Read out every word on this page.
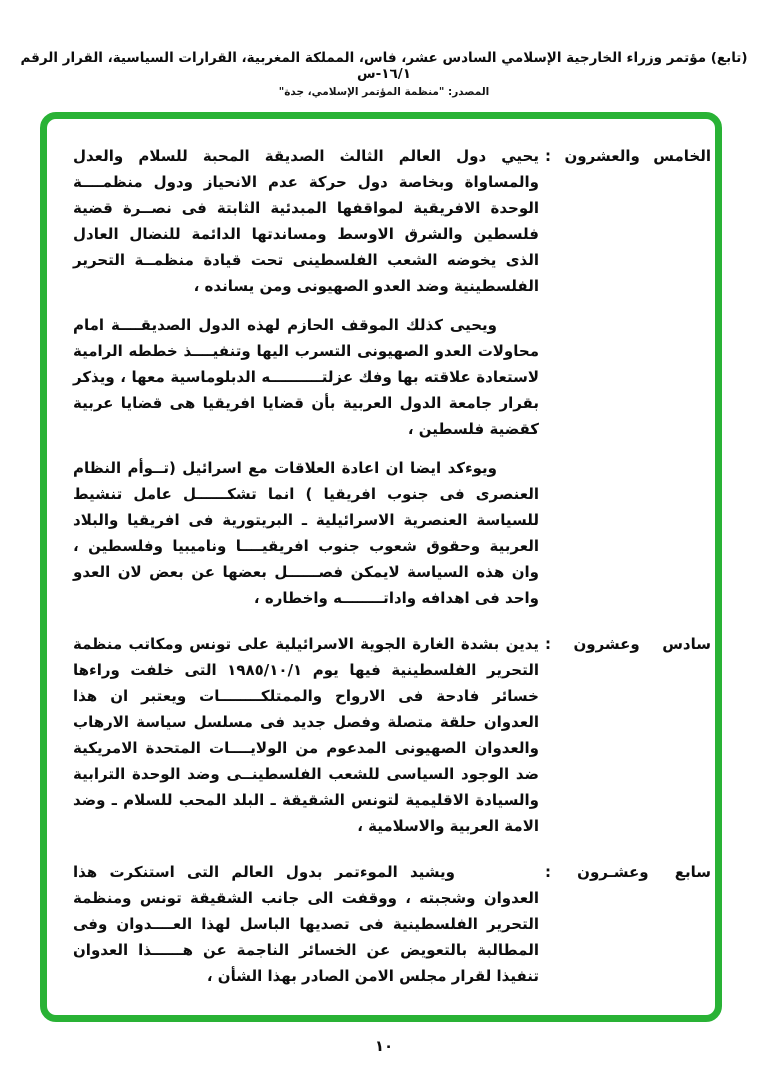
(تابع) مؤتمر وزراء الخارجية الإسلامي السادس عشر، فاس، المملكة المغربية، القرارات السياسية، القرار الرقم ١٦/١-س
المصدر: "منظمة المؤتمر الإسلامي، جدة"
الخامس والعشرون :

يحيي دول العالم الثالث الصديقة المحبة للسلام والعدل والمساواة وبخاصة دول حركة عدم الانحياز ودول منظمــــة الوحدة الافريقية لمواقفها المبدئية الثابتة فى نصــرة قضية فلسطين والشرق الاوسط ومساندتها الدائمة للنضال العادل الذى يخوضه الشعب الفلسطينى تحت قيادة منظمــة التحرير الفلسطينية وضد العدو الصهيونى ومن يسانده ،

ويحيى كذلك الموقف الحازم لهذه الدول الصديقــــة امام محاولات العدو الصهيونى التسرب اليها وتنفيــــذ خططه الرامية لاستعادة علاقته بها وفك عزلتــــــــــه الدبلوماسية معها ، ويذكر بقرار جامعة الدول العربية بأن قضايا افريقيا هى قضايا عربية كقضية فلسطين ،

ويوءكد ايضا ان اعادة العلاقات مع اسرائيل (تــوأم النظام العنصرى فى جنوب افريقيا ) انما تشكــــــل عامل تنشيط للسياسة العنصرية الاسرائيلية ـ البريتورية فى افريقيا والبلاد العربية وحقوق شعوب جنوب افريقيــــا وناميبيا وفلسطين ، وان هذه السياسة لايمكن فصــــــل بعضها عن بعض لان العدو واحد فى اهدافه واداتــــــــه واخطاره ،

سادس وعشرون :

يدين بشدة الغارة الجوية الاسرائيلية على تونس ومكاتب منظمة التحرير الفلسطينية فيها يوم ١٩٨٥/١٠/١ التى خلفت وراءها خسائر فادحة فى الارواح والممتلكــــــــات ويعتبر ان هذا العدوان حلقة متصلة وفصل جديد فى مسلسل سياسة الارهاب والعدوان الصهيونى المدعوم من الولايــــات المتحدة الامريكية ضد الوجود السياسى للشعب الفلسطينــى وضد الوحدة الترابية والسيادة الاقليمية لتونس الشقيقة ـ البلد المحب للسلام ـ وضد الامة العربية والاسلامية ،

سابع وعشـرون :

ويشيد الموءتمر بدول العالم التى استنكرت هذا العدوان وشجبته ، ووقفت الى جانب الشقيقة تونس ومنظمة التحرير الفلسطينية فى تصديها الباسل لهذا العــــدوان وفى المطالبة بالتعويض عن الخسائر الناجمة عن هــــــذا العدوان تنفيذا لقرار مجلس الامن الصادر بهذا الشأن ،

١٠
